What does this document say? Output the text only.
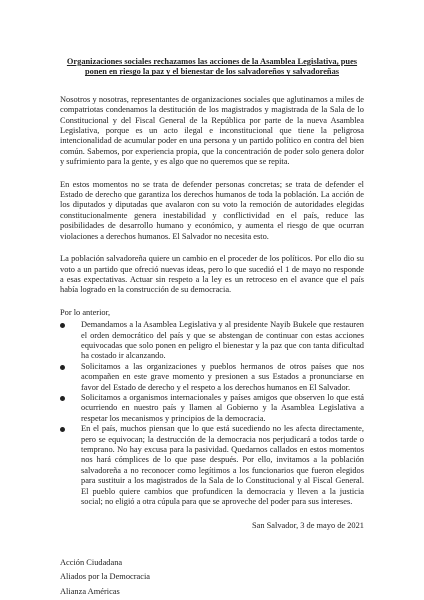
Organizaciones sociales rechazamos las acciones de la Asamblea Legislativa, pues ponen en riesgo la paz y el bienestar de los salvadoreños y salvadoreñas

Nosotros y nosotras, representantes de organizaciones sociales que aglutinamos a miles de compatriotas condenamos la destitución de los magistrados y magistrada de la Sala de lo Constitucional y del Fiscal General de la República por parte de la nueva Asamblea Legislativa, porque es un acto ilegal e inconstitucional que tiene la peligrosa intencionalidad de acumular poder en una persona y un partido político en contra del bien común. Sabemos, por experiencia propia, que la concentración de poder solo genera dolor y sufrimiento para la gente, y es algo que no queremos que se repita.

En estos momentos no se trata de defender personas concretas; se trata de defender el Estado de derecho que garantiza los derechos humanos de toda la población. La acción de los diputados y diputadas que avalaron con su voto la remoción de autoridades elegidas constitucionalmente genera inestabilidad y conflictividad en el país, reduce las posibilidades de desarrollo humano y económico, y aumenta el riesgo de que ocurran violaciones a derechos humanos. El Salvador no necesita esto.

La población salvadoreña quiere un cambio en el proceder de los políticos. Por ello dio su voto a un partido que ofreció nuevas ideas, pero lo que sucedió el 1 de mayo no responde a esas expectativas. Actuar sin respeto a la ley es un retroceso en el avance que el país había logrado en la construcción de su democracia.

Por lo anterior,

Demandamos a la Asamblea Legislativa y al presidente Nayib Bukele que restauren el orden democrático del país y que se abstengan de continuar con estas acciones equivocadas que solo ponen en peligro el bienestar y la paz que con tanta dificultad ha costado ir alcanzando.
Solicitamos a las organizaciones y pueblos hermanos de otros países que nos acompañen en este grave momento y presionen a sus Estados a pronunciarse en favor del Estado de derecho y el respeto a los derechos humanos en El Salvador.
Solicitamos a organismos internacionales y países amigos que observen lo que está ocurriendo en nuestro país y llamen al Gobierno y la Asamblea Legislativa a respetar los mecanismos y principios de la democracia.
En el país, muchos piensan que lo que está sucediendo no les afecta directamente, pero se equivocan; la destrucción de la democracia nos perjudicará a todos tarde o temprano. No hay excusa para la pasividad. Quedarnos callados en estos momentos nos hará cómplices de lo que pase después. Por ello, invitamos a la población salvadoreña a no reconocer como legítimos a los funcionarios que fueron elegidos para sustituir a los magistrados de la Sala de lo Constitucional y al Fiscal General. El pueblo quiere cambios que profundicen la democracia y lleven a la justicia social; no eligió a otra cúpula para que se aproveche del poder para sus intereses.
San Salvador, 3 de mayo de 2021
Acción Ciudadana
Aliados por la Democracia
Alianza Américas
